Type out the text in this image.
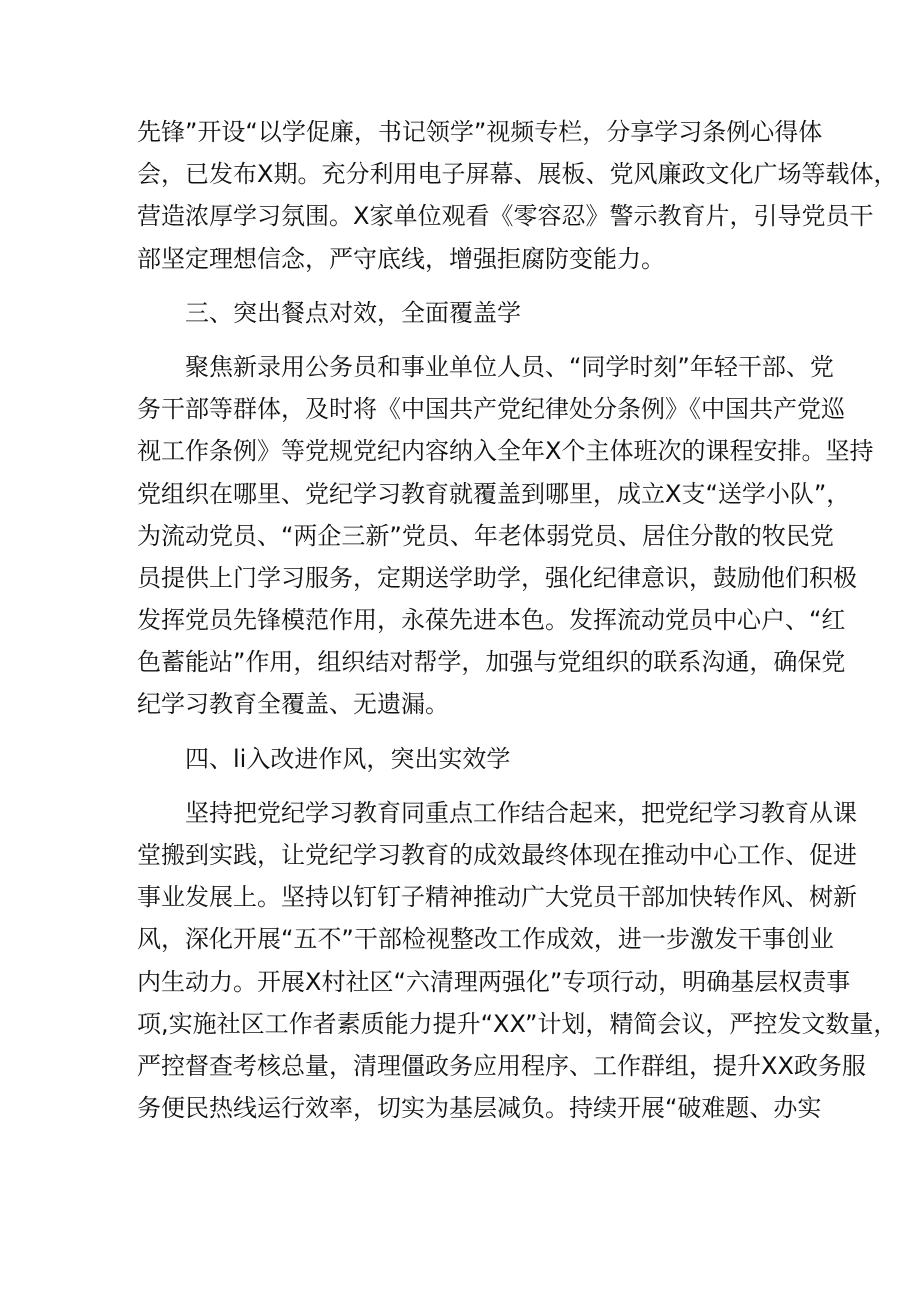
先锋”开设“以学促廉，书记领学”视频专栏，分享学习条例心得体
会，已发布X期。充分利用电子屏幕、展板、党风廉政文化广场等载体，
营造浓厚学习氛围。X家单位观看《零容忍》警示教育片，引导党员干
部坚定理想信念，严守底线，增强拒腐防变能力。
三、突出餐点对效，全面覆盖学
聚焦新录用公务员和事业单位人员、“同学时刻”年轻干部、党
务干部等群体，及时将《中国共产党纪律处分条例》《中国共产党巡
视工作条例》等党规党纪内容纳入全年X个主体班次的课程安排。坚持
党组织在哪里、党纪学习教育就覆盖到哪里，成立X支“送学小队”，
为流动党员、“两企三新”党员、年老体弱党员、居住分散的牧民党
员提供上门学习服务，定期送学助学，强化纪律意识，鼓励他们积极
发挥党员先锋模范作用，永葆先进本色。发挥流动党员中心户、“红
色蓄能站”作用，组织结对帮学，加强与党组织的联系沟通，确保党
纪学习教育全覆盖、无遗漏。
四、li入改进作风，突出实效学
坚持把党纪学习教育同重点工作结合起来，把党纪学习教育从课
堂搬到实践，让党纪学习教育的成效最终体现在推动中心工作、促进
事业发展上。坚持以钉钉子精神推动广大党员干部加快转作风、树新
风，深化开展“五不”干部检视整改工作成效，进一步激发干事创业
内生动力。开展X村社区“六清理两强化”专项行动，明确基层权责事
项,实施社区工作者素质能力提升“XX”计划，精简会议，严控发文数量，
严控督查考核总量，清理僵政务应用程序、工作群组，提升XX政务服
务便民热线运行效率，切实为基层减负。持续开展“破难题、办实
